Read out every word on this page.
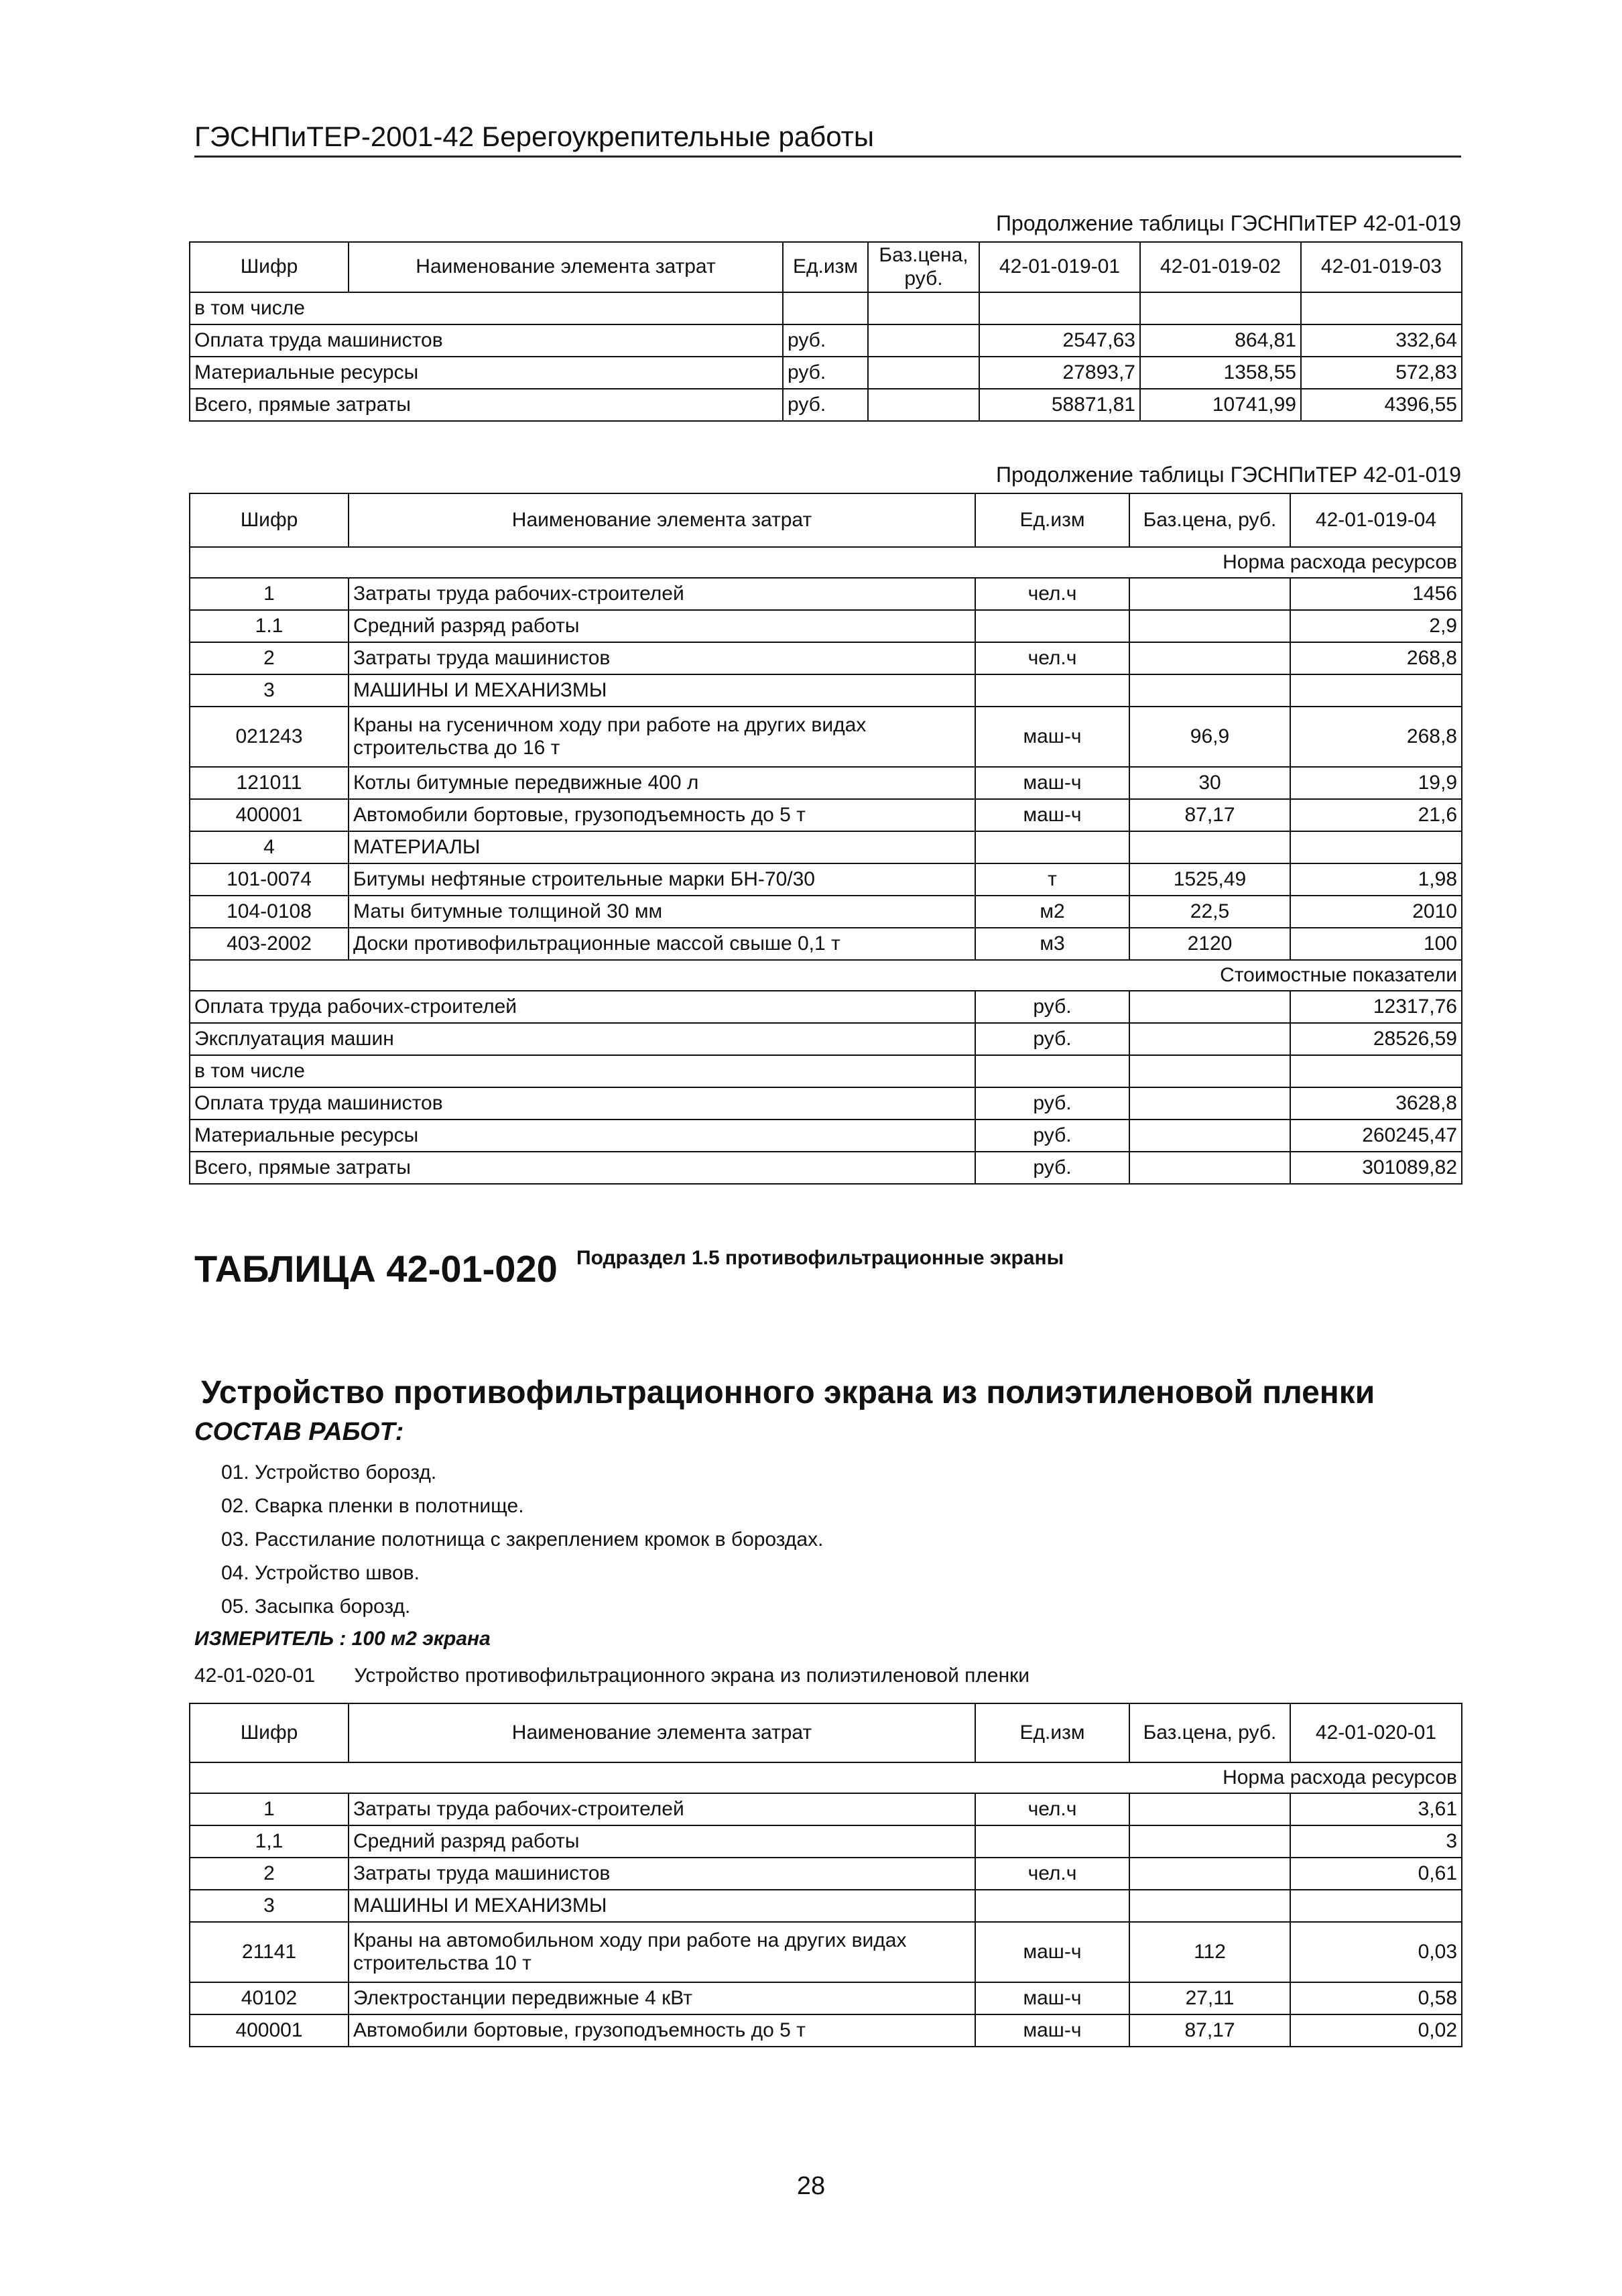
ГЭСНПиТЕР-2001-42 Берегоукрепительные работы
Продолжение таблицы ГЭСНПиТЕР 42-01-019
Шифр	Наименование элемента затрат	Ед.изм	Баз.цена, руб.	42-01-019-01	42-01-019-02	42-01-019-03
в том числе						
Оплата труда машинистов		руб.		2547,63	864,81	332,64
Материальные ресурсы		руб.		27893,7	1358,55	572,83
Всего, прямые затраты		руб.		58871,81	10741,99	4396,55
Продолжение таблицы ГЭСНПиТЕР 42-01-019
Шифр	Наименование элемента затрат	Ед.изм	Баз.цена, руб.	42-01-019-04
Норма расхода ресурсов				
1	Затраты труда рабочих-строителей	чел.ч		1456
1.1	Средний разряд работы			2,9
2	Затраты труда машинистов	чел.ч		268,8
3	МАШИНЫ И МЕХАНИЗМЫ			
021243	Краны на гусеничном ходу при работе на других видах строительства до 16 т	маш-ч	96,9	268,8
121011	Котлы битумные передвижные 400 л	маш-ч	30	19,9
400001	Автомобили бортовые, грузоподъемность до 5 т	маш-ч	87,17	21,6
4	МАТЕРИАЛЫ			
101-0074	Битумы нефтяные строительные марки БН-70/30	т	1525,49	1,98
104-0108	Маты битумные толщиной 30 мм	м2	22,5	2010
403-2002	Доски противофильтрационные массой свыше 0,1 т	м3	2120	100
Стоимостные показатели				
Оплата труда рабочих-строителей		руб.		12317,76
Эксплуатация машин		руб.		28526,59
в том числе				
Оплата труда машинистов		руб.		3628,8
Материальные ресурсы		руб.		260245,47
Всего, прямые затраты		руб.		301089,82
ТАБЛИЦА 42-01-020 Подраздел 1.5 противофильтрационные экраны
Устройство противофильтрационного экрана из полиэтиленовой пленки
СОСТАВ РАБОТ:
01. Устройство борозд.
02. Сварка пленки в полотнище.
03. Расстилание полотнища с закреплением кромок в бороздах.
04. Устройство швов.
05. Засыпка борозд.
ИЗМЕРИТЕЛЬ : 100 м2 экрана
42-01-020-01 Устройство противофильтрационного экрана из полиэтиленовой пленки
Шифр	Наименование элемента затрат	Ед.изм	Баз.цена, руб.	42-01-020-01
Норма расхода ресурсов				
1	Затраты труда рабочих-строителей	чел.ч		3,61
1,1	Средний разряд работы			3
2	Затраты труда машинистов	чел.ч		0,61
3	МАШИНЫ И МЕХАНИЗМЫ			
21141	Краны на автомобильном ходу при работе на других видах строительства 10 т	маш-ч	112	0,03
40102	Электростанции передвижные 4 кВт	маш-ч	27,11	0,58
400001	Автомобили бортовые, грузоподъемность до 5 т	маш-ч	87,17	0,02
28
